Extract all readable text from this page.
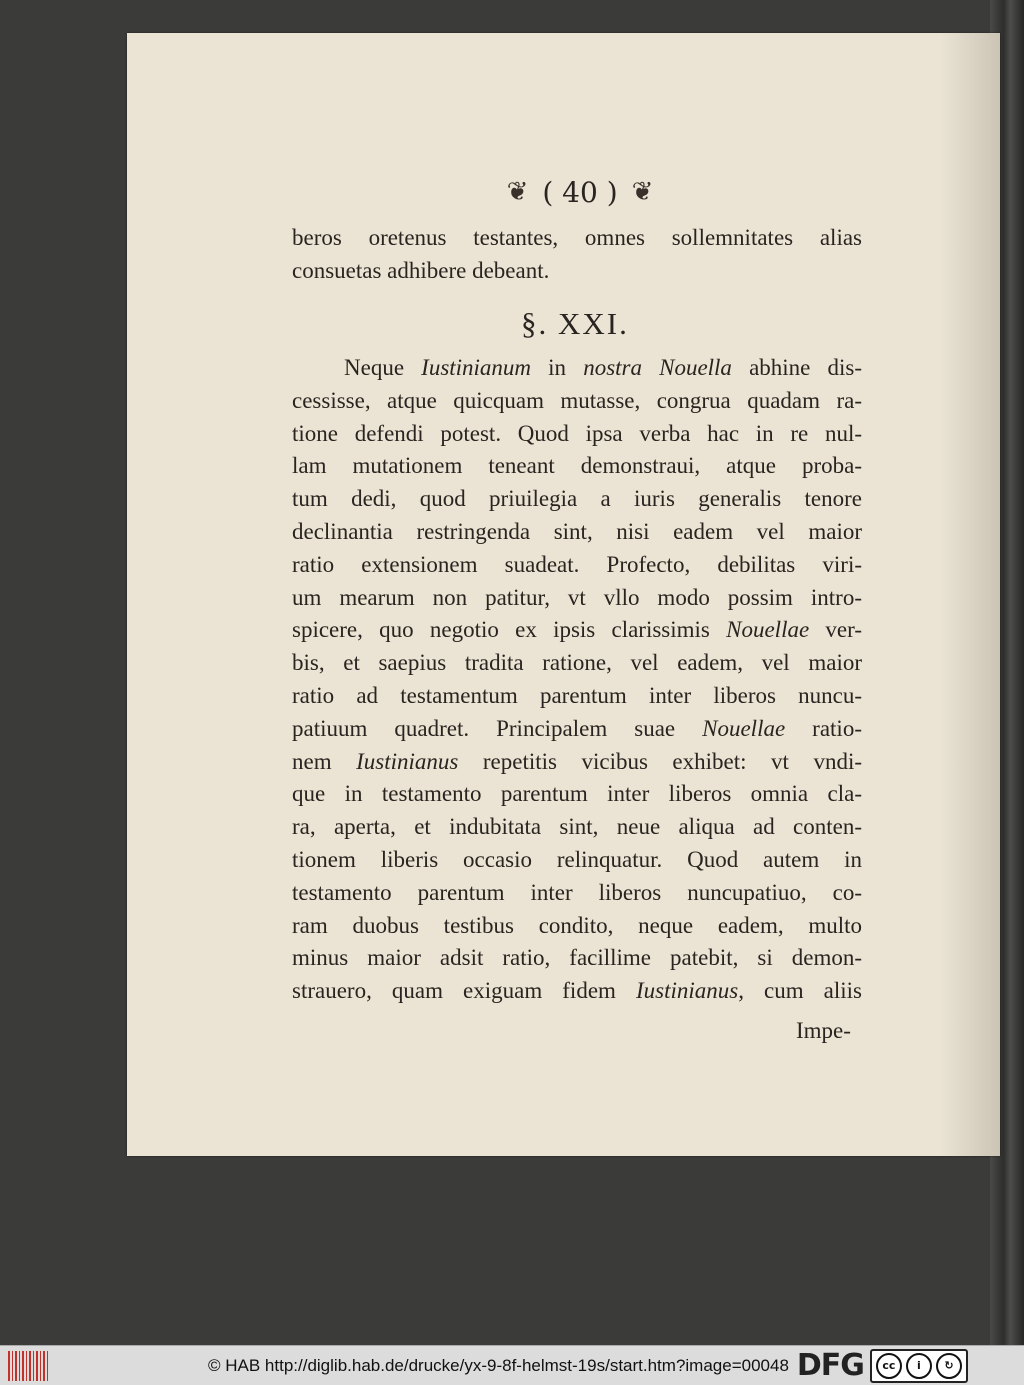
❦ ( 40 ) ❦
beros oretenus testantes, omnes sollemnitates alias
consuetas adhibere debeant.
§. XXI.
Neque Iustinianum in nostra Nouella abhine dis-
cessisse, atque quicquam mutasse, congrua quadam ra-
tione defendi potest. Quod ipsa verba hac in re nul-
lam mutationem teneant demonstraui, atque proba-
tum dedi, quod priuilegia a iuris generalis tenore
declinantia restringenda sint, nisi eadem vel maior
ratio extensionem suadeat. Profecto, debilitas viri-
um mearum non patitur, vt vllo modo possim intro-
spicere, quo negotio ex ipsis clarissimis Nouellae ver-
bis, et saepius tradita ratione, vel eadem, vel maior
ratio ad testamentum parentum inter liberos nuncu-
patiuum quadret. Principalem suae Nouellae ratio-
nem Iustinianus repetitis vicibus exhibet: vt vndi-
que in testamento parentum inter liberos omnia cla-
ra, aperta, et indubitata sint, neue aliqua ad conten-
tionem liberis occasio relinquatur. Quod autem in
testamento parentum inter liberos nuncupatiuo, co-
ram duobus testibus condito, neque eadem, multo
minus maior adsit ratio, facillime patebit, si demon-
strauero, quam exiguam fidem Iustinianus, cum aliis
Impe-
© HAB http://diglib.hab.de/drucke/yx-9-8f-helmst-19s/start.htm?image=00048 DFG	cc	i	↻
